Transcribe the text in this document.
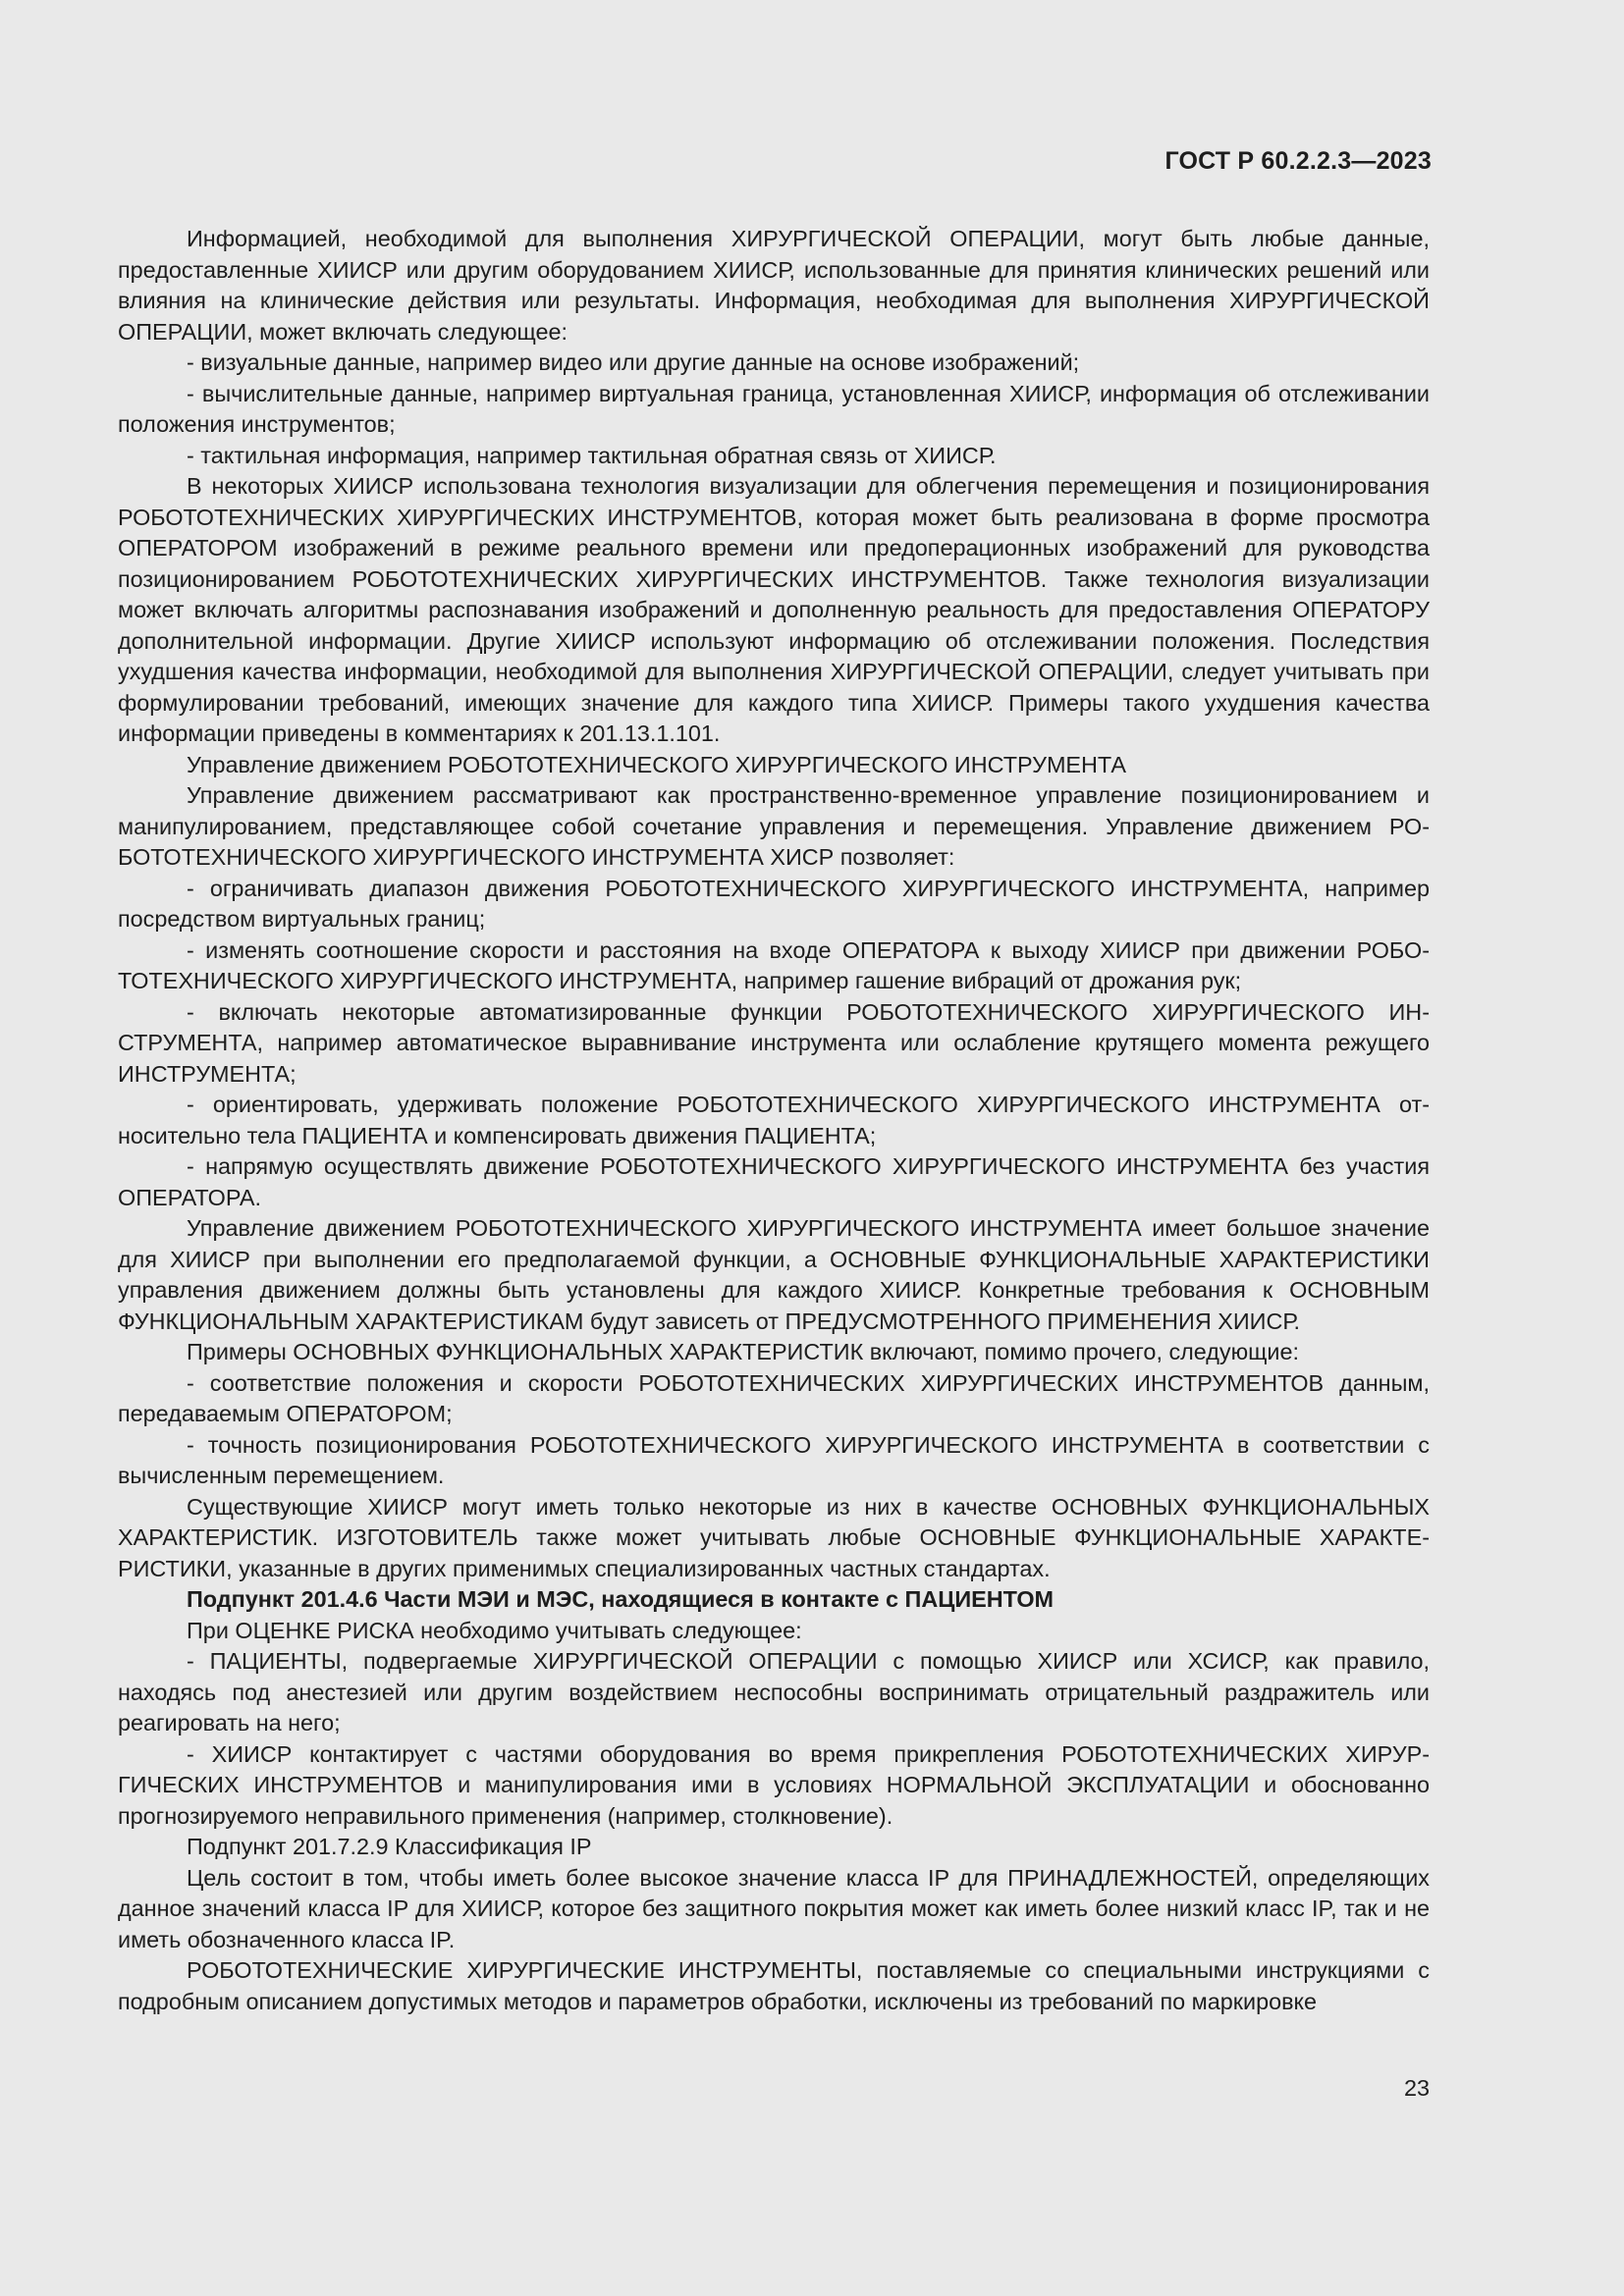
ГОСТ Р 60.2.2.3—2023

Информацией, необходимой для выполнения ХИРУРГИЧЕСКОЙ ОПЕРАЦИИ, могут быть любые данные, предоставленные ХИИСР или другим оборудованием ХИИСР, использованные для принятия клинических решений или влияния на клинические действия или результаты. Информация, необходимая для выполнения ХИРУРГИЧЕСКОЙ ОПЕРАЦИИ, может включать следующее:

- визуальные данные, например видео или другие данные на основе изображений;

- вычислительные данные, например виртуальная граница, установленная ХИИСР, информация об отслеживании положения инструментов;

- тактильная информация, например тактильная обратная связь от ХИИСР.

В некоторых ХИИСР использована технология визуализации для облегчения перемещения и позиционирования РОБОТОТЕХНИЧЕСКИХ ХИРУРГИЧЕСКИХ ИНСТРУМЕНТОВ, которая может быть реализована в форме просмотра ОПЕРАТОРОМ изображений в режиме реального времени или предоперационных изображений для руководства позиционированием РОБОТОТЕХНИЧЕСКИХ ХИРУРГИЧЕСКИХ ИНСТРУМЕНТОВ. Также технология визуализации может включать алгоритмы распознавания изображений и дополненную реальность для предоставления ОПЕРАТОРУ дополнительной информации. Другие ХИИСР используют информацию об отслеживании положения. Последствия ухудшения качества информации, необходимой для выполнения ХИРУРГИЧЕСКОЙ ОПЕРАЦИИ, следует учитывать при формулировании требований, имеющих значение для каждого типа ХИИСР. Примеры такого ухудшения качества информации приведены в комментариях к 201.13.1.101.

Управление движением РОБОТОТЕХНИЧЕСКОГО ХИРУРГИЧЕСКОГО ИНСТРУМЕНТА

Управление движением рассматривают как пространственно-временное управление позиционированием и манипулированием, представляющее собой сочетание управления и перемещения. Управление движением РОБОТОТЕХНИЧЕСКОГО ХИРУРГИЧЕСКОГО ИНСТРУМЕНТА ХИСР позволяет:

- ограничивать диапазон движения РОБОТОТЕХНИЧЕСКОГО ХИРУРГИЧЕСКОГО ИНСТРУМЕНТА, например посредством виртуальных границ;

- изменять соотношение скорости и расстояния на входе ОПЕРАТОРА к выходу ХИИСР при движении РОБОТОТЕХНИЧЕСКОГО ХИРУРГИЧЕСКОГО ИНСТРУМЕНТА, например гашение вибраций от дрожания рук;

- включать некоторые автоматизированные функции РОБОТОТЕХНИЧЕСКОГО ХИРУРГИЧЕСКОГО ИНСТРУМЕНТА, например автоматическое выравнивание инструмента или ослабление крутящего момента режущего ИНСТРУМЕНТА;

- ориентировать, удерживать положение РОБОТОТЕХНИЧЕСКОГО ХИРУРГИЧЕСКОГО ИНСТРУМЕНТА относительно тела ПАЦИЕНТА и компенсировать движения ПАЦИЕНТА;

- напрямую осуществлять движение РОБОТОТЕХНИЧЕСКОГО ХИРУРГИЧЕСКОГО ИНСТРУМЕНТА без участия ОПЕРАТОРА.

Управление движением РОБОТОТЕХНИЧЕСКОГО ХИРУРГИЧЕСКОГО ИНСТРУМЕНТА имеет большое значение для ХИИСР при выполнении его предполагаемой функции, а ОСНОВНЫЕ ФУНКЦИОНАЛЬНЫЕ ХАРАКТЕРИСТИКИ управления движением должны быть установлены для каждого ХИИСР. Конкретные требования к ОСНОВНЫМ ФУНКЦИОНАЛЬНЫМ ХАРАКТЕРИСТИКАМ будут зависеть от ПРЕДУСМОТРЕННОГО ПРИМЕНЕНИЯ ХИИСР.

Примеры ОСНОВНЫХ ФУНКЦИОНАЛЬНЫХ ХАРАКТЕРИСТИК включают, помимо прочего, следующие:

- соответствие положения и скорости РОБОТОТЕХНИЧЕСКИХ ХИРУРГИЧЕСКИХ ИНСТРУМЕНТОВ данным, передаваемым ОПЕРАТОРОМ;

- точность позиционирования РОБОТОТЕХНИЧЕСКОГО ХИРУРГИЧЕСКОГО ИНСТРУМЕНТА в соответствии с вычисленным перемещением.

Существующие ХИИСР могут иметь только некоторые из них в качестве ОСНОВНЫХ ФУНКЦИОНАЛЬНЫХ ХАРАКТЕРИСТИК. ИЗГОТОВИТЕЛЬ также может учитывать любые ОСНОВНЫЕ ФУНКЦИОНАЛЬНЫЕ ХАРАКТЕРИСТИКИ, указанные в других применимых специализированных частных стандартах.

Подпункт 201.4.6 Части МЭИ и МЭС, находящиеся в контакте с ПАЦИЕНТОМ

При ОЦЕНКЕ РИСКА необходимо учитывать следующее:

- ПАЦИЕНТЫ, подвергаемые ХИРУРГИЧЕСКОЙ ОПЕРАЦИИ с помощью ХИИСР или ХСИСР, как правило, находясь под анестезией или другим воздействием неспособны воспринимать отрицательный раздражитель или реагировать на него;

- ХИИСР контактирует с частями оборудования во время прикрепления РОБОТОТЕХНИЧЕСКИХ ХИРУРГИЧЕСКИХ ИНСТРУМЕНТОВ и манипулирования ими в условиях НОРМАЛЬНОЙ ЭКСПЛУАТАЦИИ и обоснованно прогнозируемого неправильного применения (например, столкновение).

Подпункт 201.7.2.9 Классификация IP

Цель состоит в том, чтобы иметь более высокое значение класса IP для ПРИНАДЛЕЖНОСТЕЙ, определяющих данное значений класса IP для ХИИСР, которое без защитного покрытия может как иметь более низкий класс IP, так и не иметь обозначенного класса IP.

РОБОТОТЕХНИЧЕСКИЕ ХИРУРГИЧЕСКИЕ ИНСТРУМЕНТЫ, поставляемые со специальными инструкциями с подробным описанием допустимых методов и параметров обработки, исключены из требований по маркировке

23
